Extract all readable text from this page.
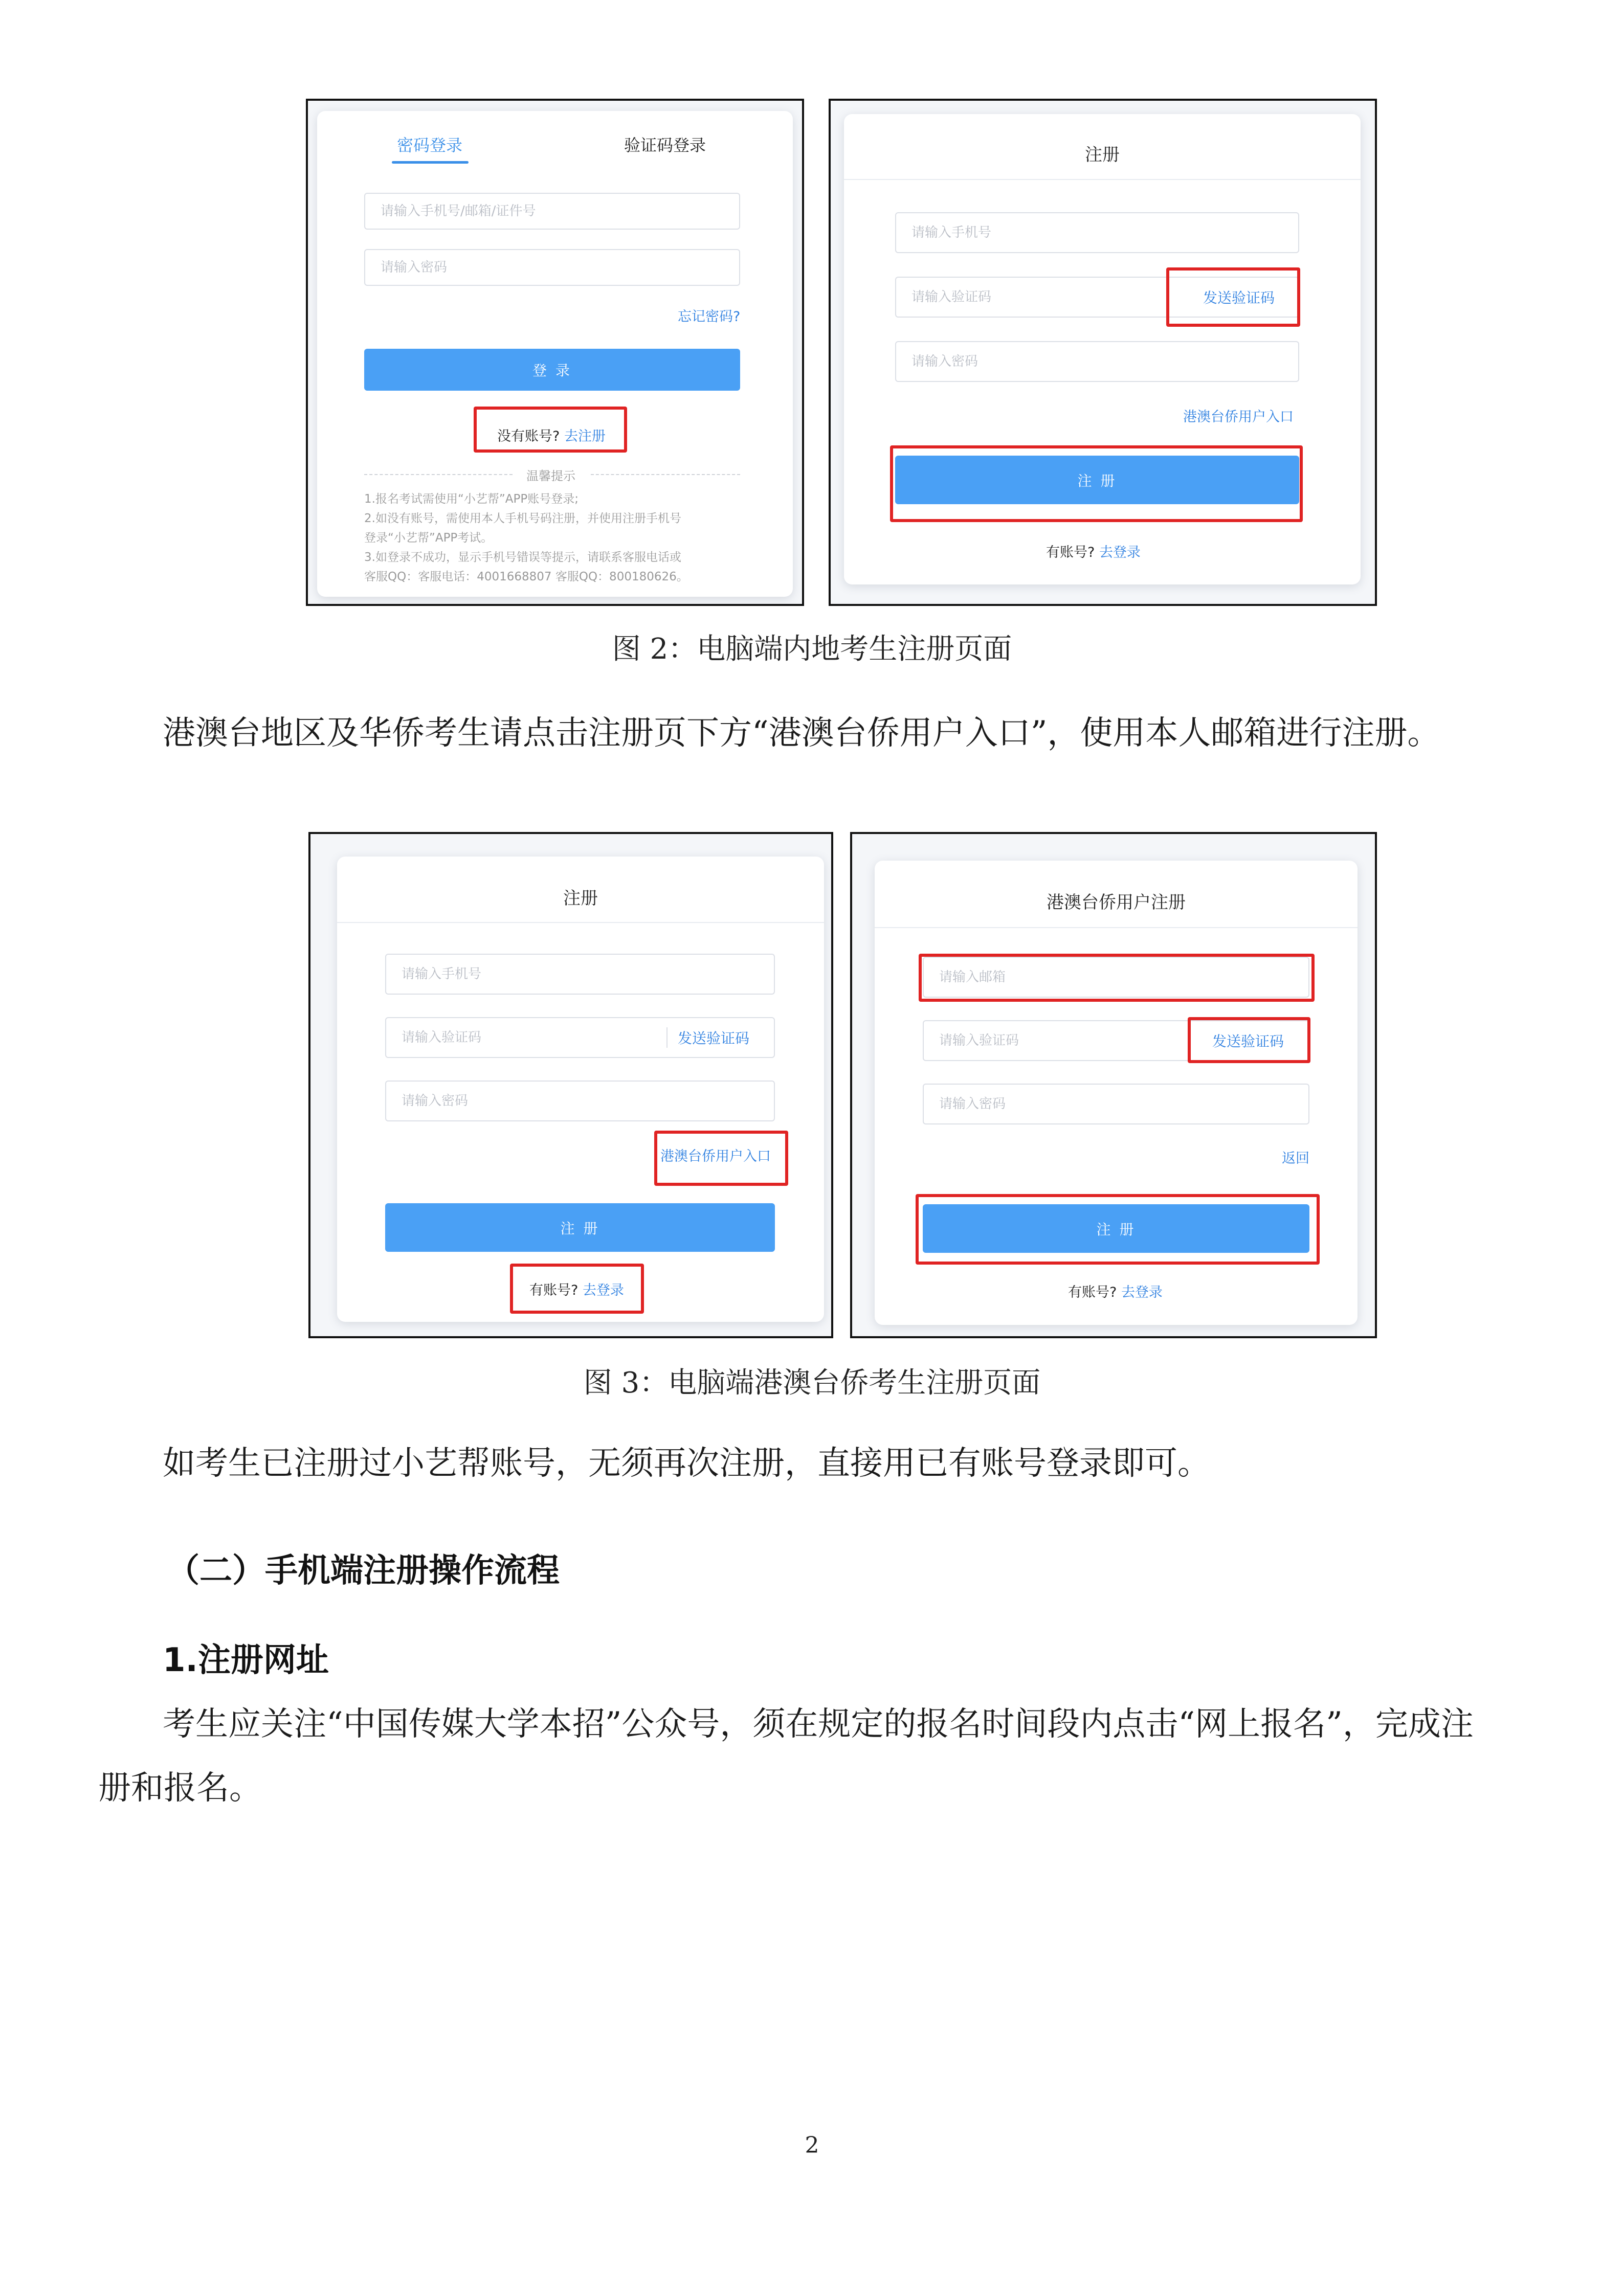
密码登录	验证码登录
请输入手机号/邮箱/证件号
忘记密码?
登 录
没有账号? 去注册
温馨提示
1.报名考试需使用“小艺帮”APP账号登录;
2.如没有账号，需使用本人手机号码注册，并使用注册手机号
登录“小艺帮”APP考试。
3.如登录不成功，显示手机号错误等提示，请联系客服电话或
客服QQ：客服电话：4001668807 客服QQ：800180626。
注册
请输入手机号
请输入验证码
发送验证码
港澳台侨用户入口
注 册
有账号? 去登录
图 2：电脑端内地考生注册页面
港澳台地区及华侨考生请点击注册页下方“港澳台侨用户入口”，使用本人邮箱进行注册。
注册
请输入手机号
请输入验证码
发送验证码
港澳台侨用户入口
注 册
有账号? 去登录
港澳台侨用户注册
请输入邮箱
请输入验证码
发送验证码
返回
注 册
有账号? 去登录
图 3：电脑端港澳台侨考生注册页面
如考生已注册过小艺帮账号，无须再次注册，直接用已有账号登录即可。
（二）手机端注册操作流程
1.注册网址
考生应关注“中国传媒大学本招”公众号，须在规定的报名时间段内点击“网上报名”，完成注
册和报名。
2
